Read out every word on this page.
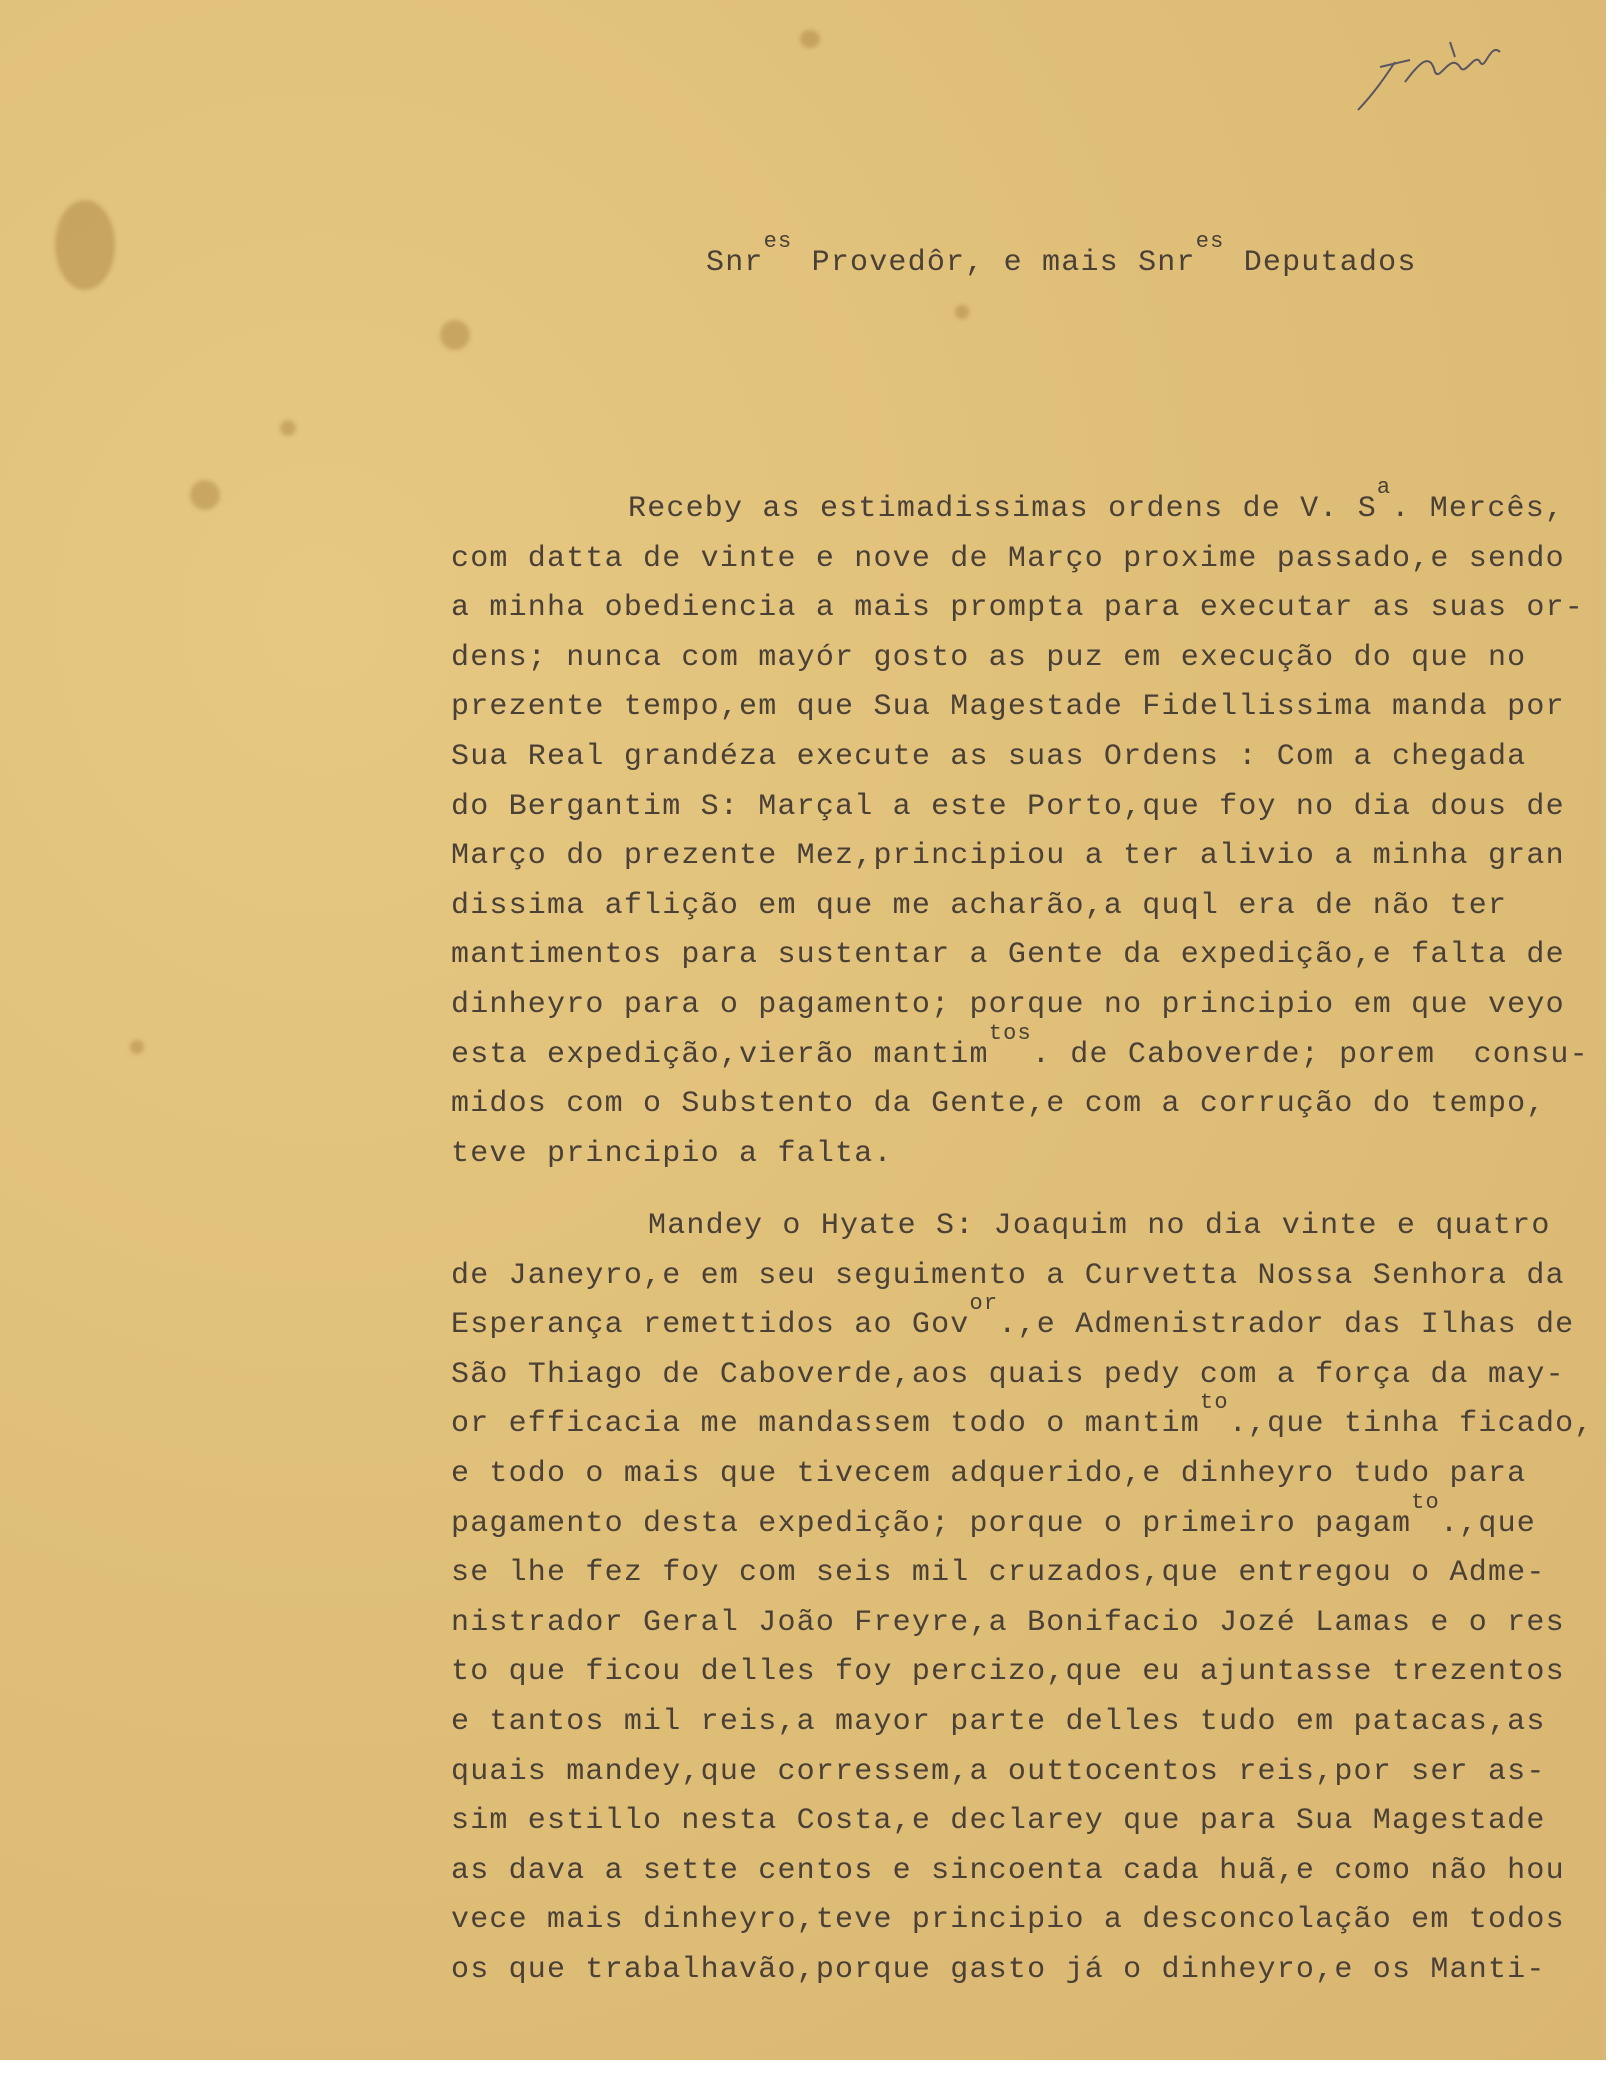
Snr$^{es}$ Provedôr, e mais Snr$^{es}$ Deputados
Receby as estimadissimas ordens de V. $S^a$. Mercês,
com datta de vinte e nove de Março proxime passado,e sendo
a minha obediencia a mais prompta para executar as suas or-
dens; nunca com mayór gosto as puz em execução do que no
prezente tempo,em que Sua Magestade Fidellissima manda por
Sua Real grandéza execute as suas Ordens : Com a chegada
do Bergantim S: Marçal a este Porto,que foy no dia dous de
Março do prezente Mez,principiou a ter alivio a minha gran
dissima aflição em que me acharão,a quql era de não ter
mantimentos para sustentar a Gente da expedição,e falta de
dinheyro para o pagamento; porque no principio em que veyo
esta expedição,vierão mantim$^{tos}$. de Caboverde; porem  consu-
midos com o Substento da Gente,e com a corrução do tempo,
teve principio a falta.
Mandey o Hyate S: Joaquim no dia vinte e quatro
de Janeyro,e em seu seguimento a Curvetta Nossa Senhora da
Esperança remettidos ao Gov$^{or}$.,e Admenistrador das Ilhas de
São Thiago de Caboverde,aos quais pedy com a força da may-
or efficacia me mandassem todo o mantim$^{to}$.,que tinha ficado,
e todo o mais que tivecem adquerido,e dinheyro tudo para
pagamento desta expedição; porque o primeiro pagam$^{to}$.,que
se lhe fez foy com seis mil cruzados,que entregou o Adme-
nistrador Geral João Freyre,a Bonifacio Jozé Lamas e o res
to que ficou delles foy percizo,que eu ajuntasse trezentos
e tantos mil reis,a mayor parte delles tudo em patacas,as
quais mandey,que corressem,a outtocentos reis,por ser as-
sim estillo nesta Costa,e declarey que para Sua Magestade
as dava a sette centos e sincoenta cada huã,e como não hou
vece mais dinheyro,teve principio a desconcolação em todos
os que trabalhavão,porque gasto já o dinheyro,e os Manti-
